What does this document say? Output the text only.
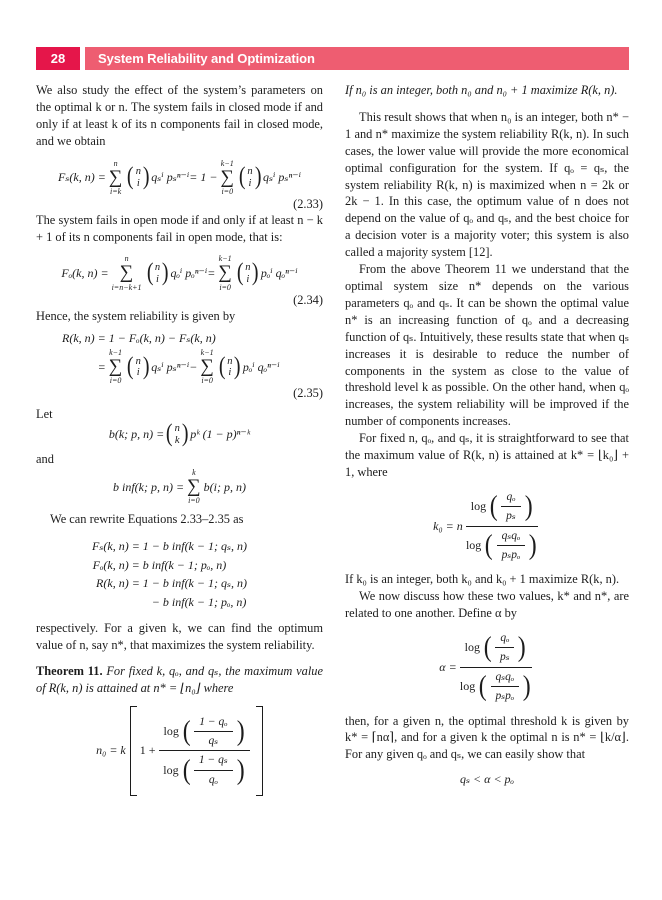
28	System Reliability and Optimization

We also study the effect of the system’s parameters on the optimal k or n. The system fails in closed mode if and only if at least k of its n components fail in closed mode, and we obtain

Fₛ(k, n) =
n
∑
i=k
( n
i ) qₛⁱ pₛⁿ⁻ⁱ = 1 −
k−1
∑
i=0
( n
i ) qₛⁱ pₛⁿ⁻ⁱ
(2.33)

The system fails in open mode if and only if at least n − k + 1 of its n components fail in open mode, that is:

Fₒ(k, n) =
n
∑
i=n−k+1
( n
i ) qₒⁱ pₒⁿ⁻ⁱ =
k−1
∑
i=0
( n
i ) pₒⁱ qₒⁿ⁻ⁱ
(2.34)

Hence, the system reliability is given by

R(k, n) = 1 − Fₒ(k, n) − Fₛ(k, n)
=
k−1
∑
i=0
( n
i ) qₛⁱ pₛⁿ⁻ⁱ −
k−1
∑
i=0
( n
i ) pₒⁱ qₒⁿ⁻ⁱ
(2.35)

Let

b(k; p, n) = ( n
k ) pᵏ (1 − p)ⁿ⁻ᵏ

and

b inf(k; p, n) =
k
∑
i=0
b(i; p, n)

We can rewrite Equations 2.33–2.35 as

Fₛ(k, n) = 1 − b inf(k − 1; qₛ, n)
Fₒ(k, n) = b inf(k − 1; pₒ, n)
R(k, n) = 1 − b inf(k − 1; qₛ, n)
− b inf(k − 1; pₒ, n)

respectively. For a given k, we can find the optimum value of n, say n*, that maximizes the system reliability.

Theorem 11. For fixed k, qₒ, and qₛ, the maximum value of R(k, n) is attained at n* = ⌊n₀⌋ where

n₀ = k 1 +
log ( 1 − qₒ
qₛ )
log ( 1 − qₛ
qₒ )

If n₀ is an integer, both n₀ and n₀ + 1 maximize R(k, n).

This result shows that when n₀ is an integer, both n* − 1 and n* maximize the system reliability R(k, n). In such cases, the lower value will provide the more economical optimal configuration for the system. If qₒ = qₛ, the system reliability R(k, n) is maximized when n = 2k or 2k − 1. In this case, the optimum value of n does not depend on the value of qₒ and qₛ, and the best choice for a decision voter is a majority voter; this system is also called a majority system [12].

From the above Theorem 11 we understand that the optimal system size n* depends on the various parameters qₒ and qₛ. It can be shown the optimal value n* is an increasing function of qₒ and a decreasing function of qₛ. Intuitively, these results state that when qₛ increases it is desirable to reduce the number of components in the system as close to the value of threshold level k as possible. On the other hand, when qₒ increases, the system reliability will be improved if the number of components increases.

For fixed n, qₒ, and qₛ, it is straightforward to see that the maximum value of R(k, n) is attained at k* = ⌊k₀⌋ + 1, where

k₀ = n
log ( qₒ
pₛ )
log ( qₛqₒ
pₛpₒ )

If k₀ is an integer, both k₀ and k₀ + 1 maximize R(k, n).

We now discuss how these two values, k* and n*, are related to one another. Define α by

α =
log ( qₒ
pₛ )
log ( qₛqₒ
pₛpₒ )

then, for a given n, the optimal threshold k is given by k* = ⌈nα⌉, and for a given k the optimal n is n* = ⌊k/α⌋. For any given qₒ and qₛ, we can easily show that

qₛ < α < pₒ
